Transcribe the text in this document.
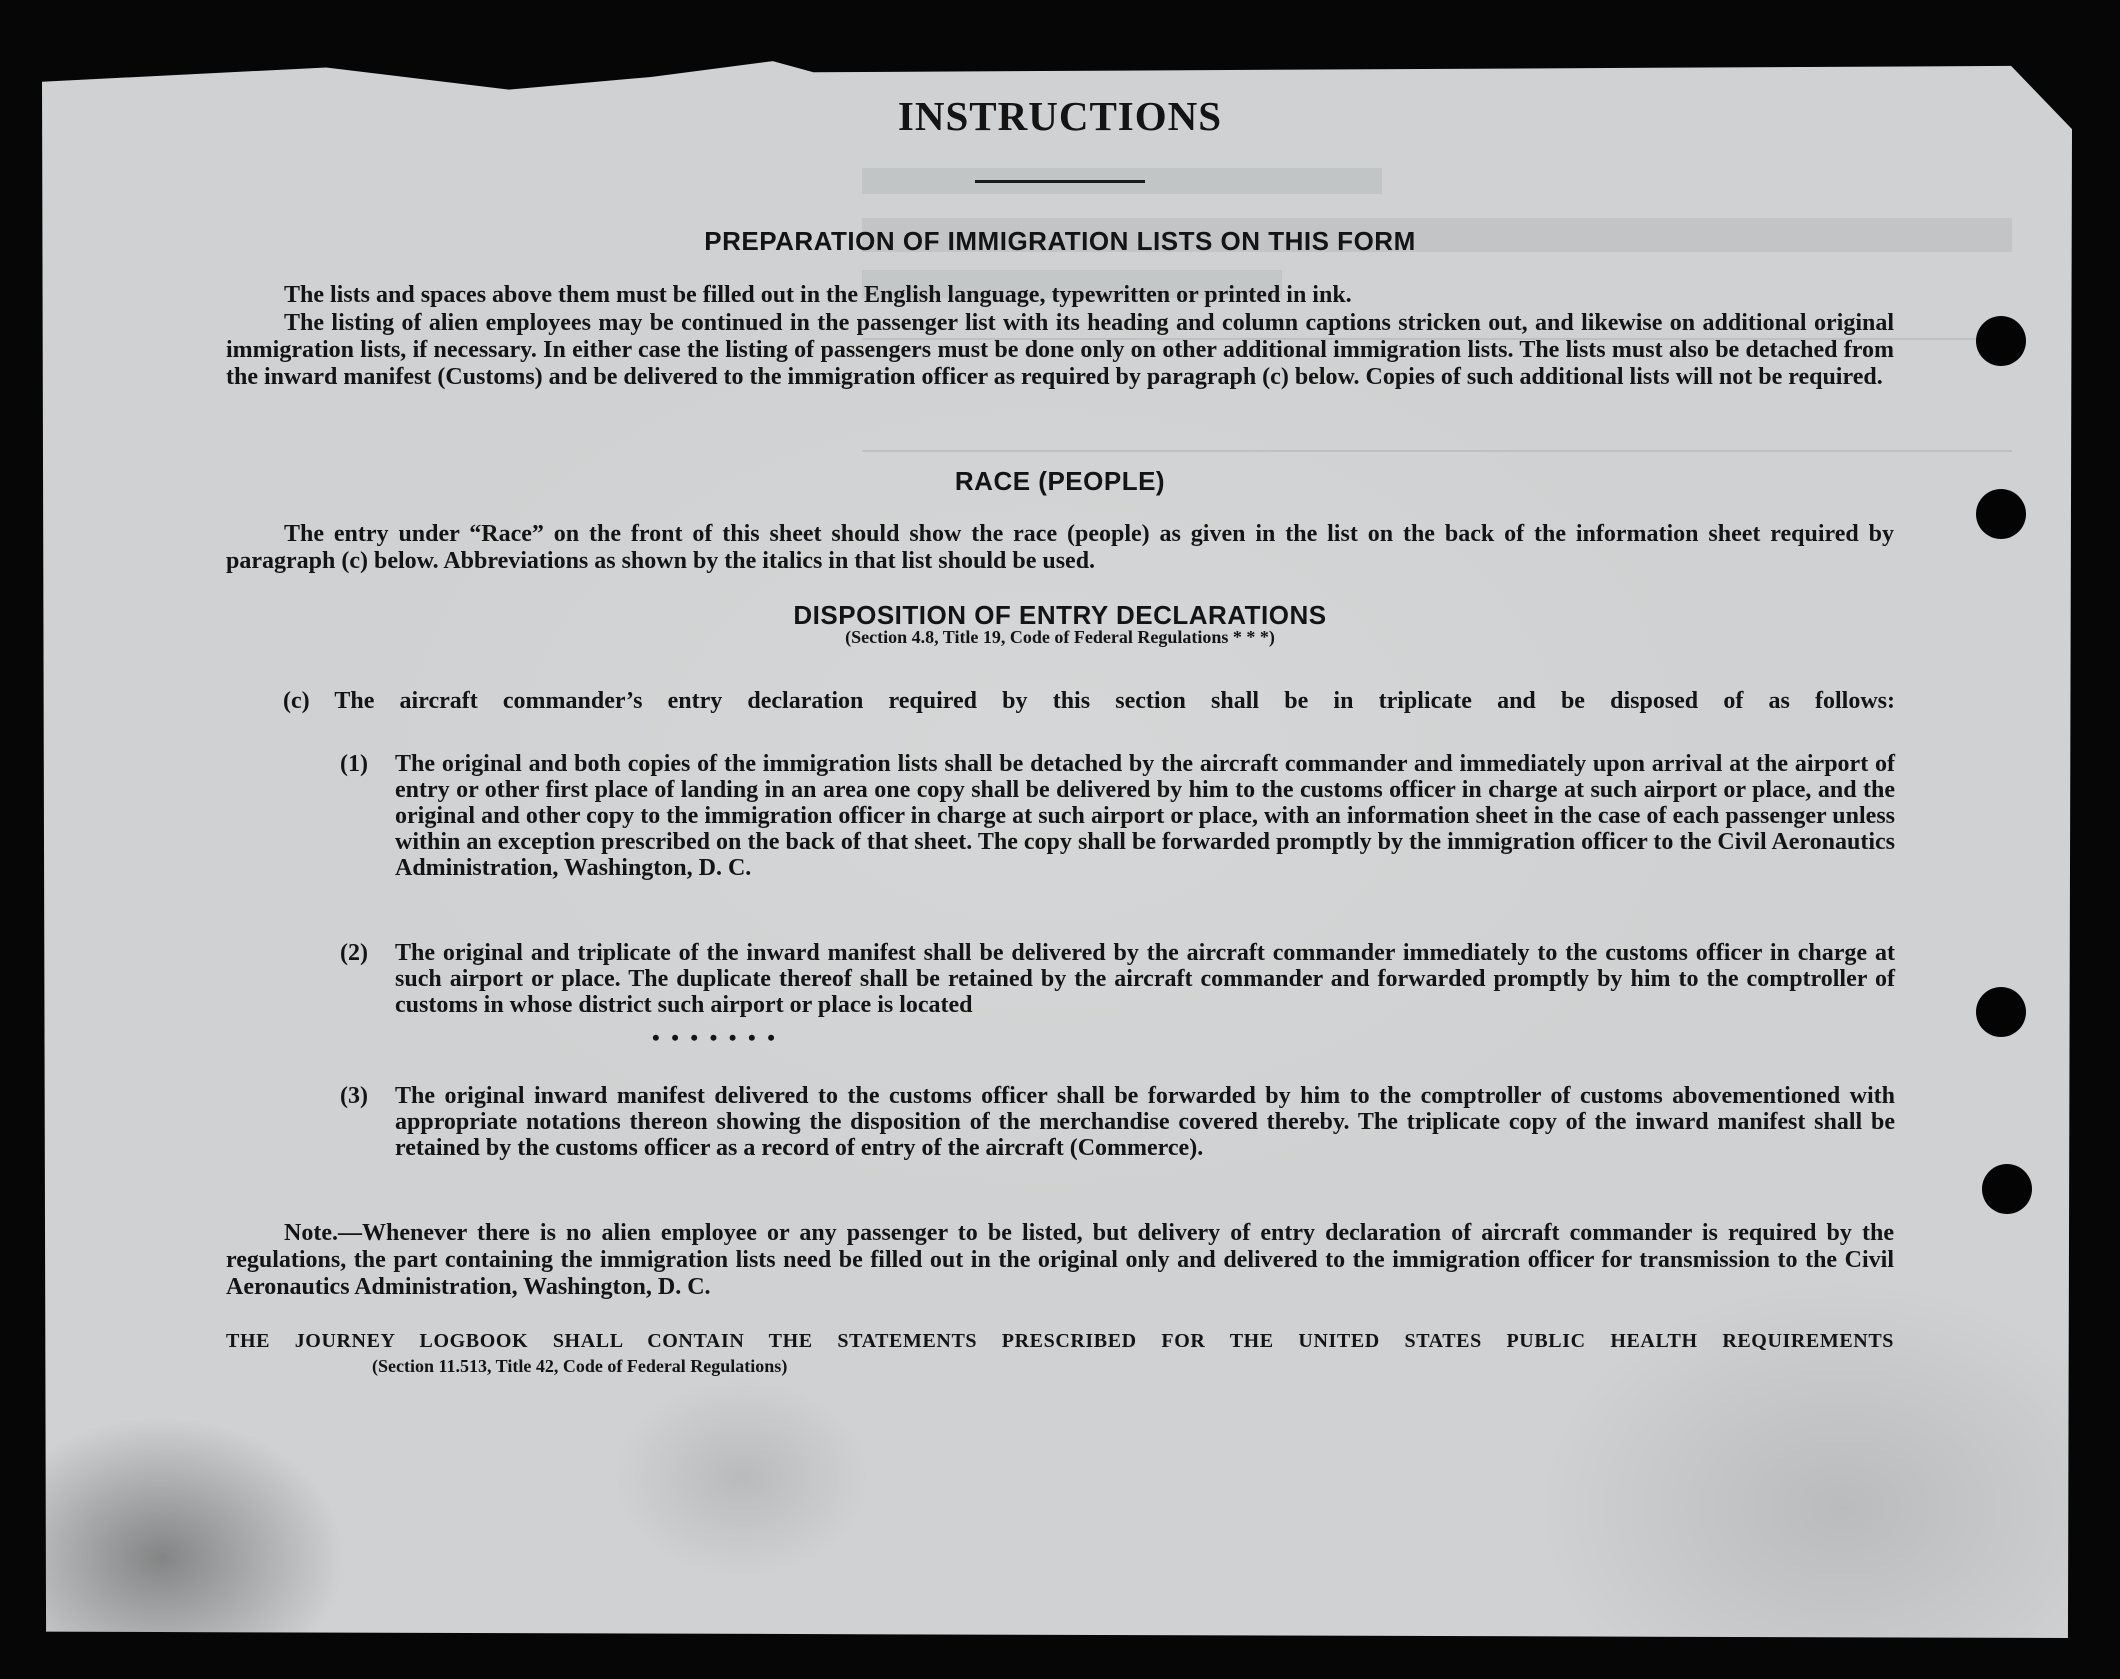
INSTRUCTIONS
PREPARATION OF IMMIGRATION LISTS ON THIS FORM

The lists and spaces above them must be filled out in the English language, typewritten or printed in ink.

The listing of alien employees may be continued in the passenger list with its heading and column captions stricken out, and likewise on additional original immigration lists, if necessary. In either case the listing of passengers must be done only on other additional immigration lists. The lists must also be detached from the inward manifest (Customs) and be delivered to the immigration officer as required by paragraph (c) below. Copies of such additional lists will not be required.

RACE (PEOPLE)

The entry under “Race” on the front of this sheet should show the race (people) as given in the list on the back of the information sheet required by paragraph (c) below. Abbreviations as shown by the italics in that list should be used.

DISPOSITION OF ENTRY DECLARATIONS
(Section 4.8, Title 19, Code of Federal Regulations * * *)
(c) The aircraft commander’s entry declaration required by this section shall be in triplicate and be disposed of as follows:
(1) The original and both copies of the immigration lists shall be detached by the aircraft commander and immediately upon arrival at the airport of entry or other first place of landing in an area one copy shall be delivered by him to the customs officer in charge at such airport or place, and the original and other copy to the immigration officer in charge at such airport or place, with an information sheet in the case of each passenger unless within an exception prescribed on the back of that sheet. The copy shall be forwarded promptly by the immigration officer to the Civil Aeronautics Administration, Washington, D. C.
(2) The original and triplicate of the inward manifest shall be delivered by the aircraft commander immediately to the customs officer in charge at such airport or place. The duplicate thereof shall be retained by the aircraft commander and forwarded promptly by him to the comptroller of customs in whose district such airport or place is located
• • • • • • •
(3) The original inward manifest delivered to the customs officer shall be forwarded by him to the comptroller of customs abovementioned with appropriate notations thereon showing the disposition of the merchandise covered thereby. The triplicate copy of the inward manifest shall be retained by the customs officer as a record of entry of the aircraft (Commerce).

Note.—Whenever there is no alien employee or any passenger to be listed, but delivery of entry declaration of aircraft commander is required by the regulations, the part containing the immigration lists need be filled out in the original only and delivered to the immigration officer for transmission to the Civil Aeronautics Administration, Washington, D. C.

THE JOURNEY LOGBOOK SHALL CONTAIN THE STATEMENTS PRESCRIBED FOR THE UNITED STATES PUBLIC HEALTH REQUIREMENTS
(Section 11.513, Title 42, Code of Federal Regulations)
